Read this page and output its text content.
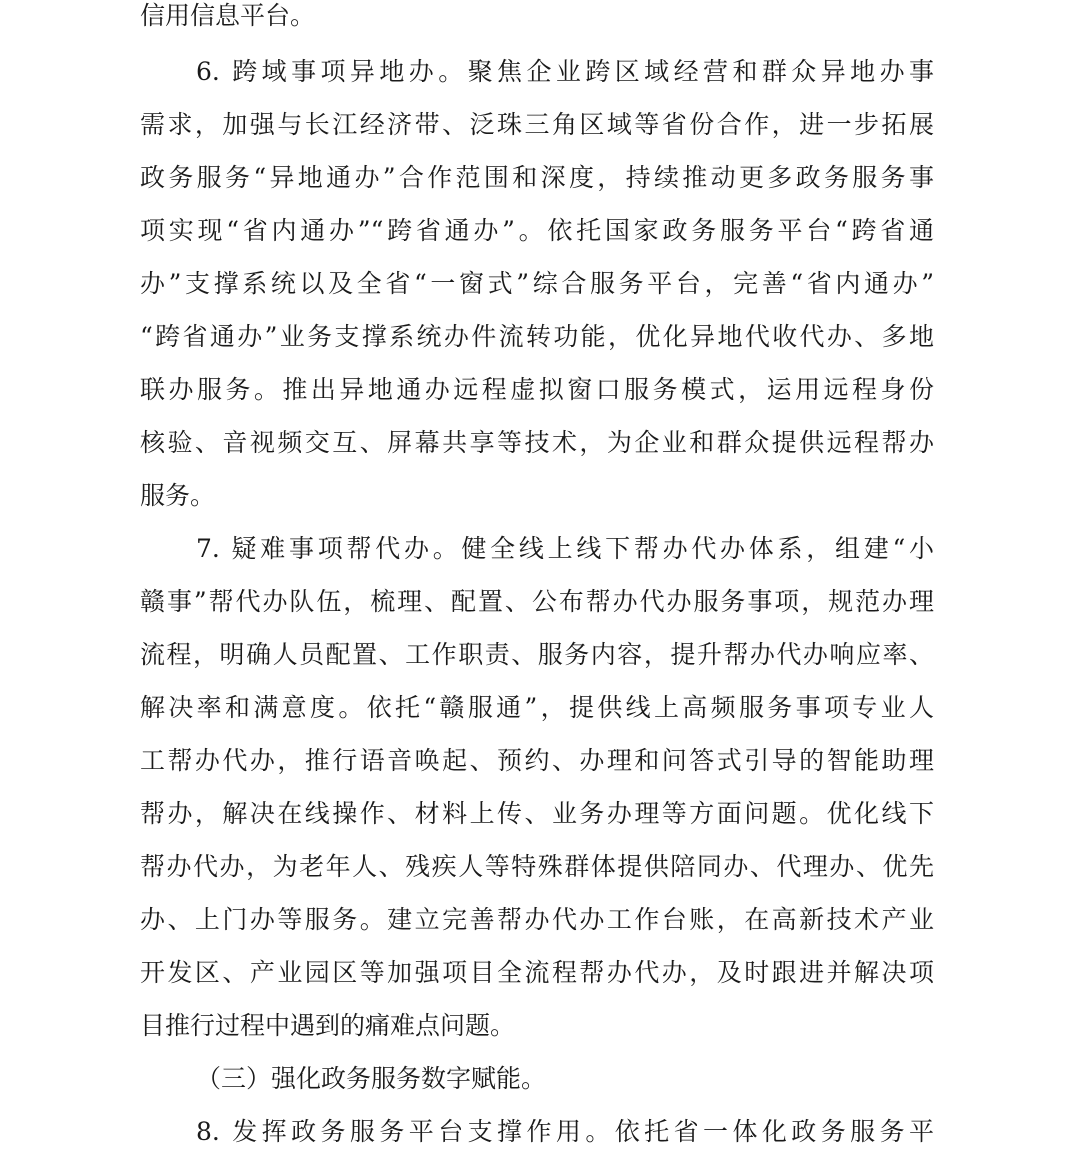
信用信息平台。
6. 跨域事项异地办。聚焦企业跨区域经营和群众异地办事
需求，加强与长江经济带、泛珠三角区域等省份合作，进一步拓展
政务服务“异地通办”合作范围和深度，持续推动更多政务服务事
项实现“省内通办”“跨省通办”。依托国家政务服务平台“跨省通
办”支撑系统以及全省“一窗式”综合服务平台，完善“省内通办”
“跨省通办”业务支撑系统办件流转功能，优化异地代收代办、多地
联办服务。推出异地通办远程虚拟窗口服务模式，运用远程身份
核验、音视频交互、屏幕共享等技术，为企业和群众提供远程帮办
服务。
7. 疑难事项帮代办。健全线上线下帮办代办体系，组建“小
赣事”帮代办队伍，梳理、配置、公布帮办代办服务事项，规范办理
流程，明确人员配置、工作职责、服务内容，提升帮办代办响应率、
解决率和满意度。依托“赣服通”，提供线上高频服务事项专业人
工帮办代办，推行语音唤起、预约、办理和问答式引导的智能助理
帮办，解决在线操作、材料上传、业务办理等方面问题。优化线下
帮办代办，为老年人、残疾人等特殊群体提供陪同办、代理办、优先
办、上门办等服务。建立完善帮办代办工作台账，在高新技术产业
开发区、产业园区等加强项目全流程帮办代办，及时跟进并解决项
目推行过程中遇到的痛难点问题。
（三）强化政务服务数字赋能。
8. 发挥政务服务平台支撑作用。依托省一体化政务服务平
